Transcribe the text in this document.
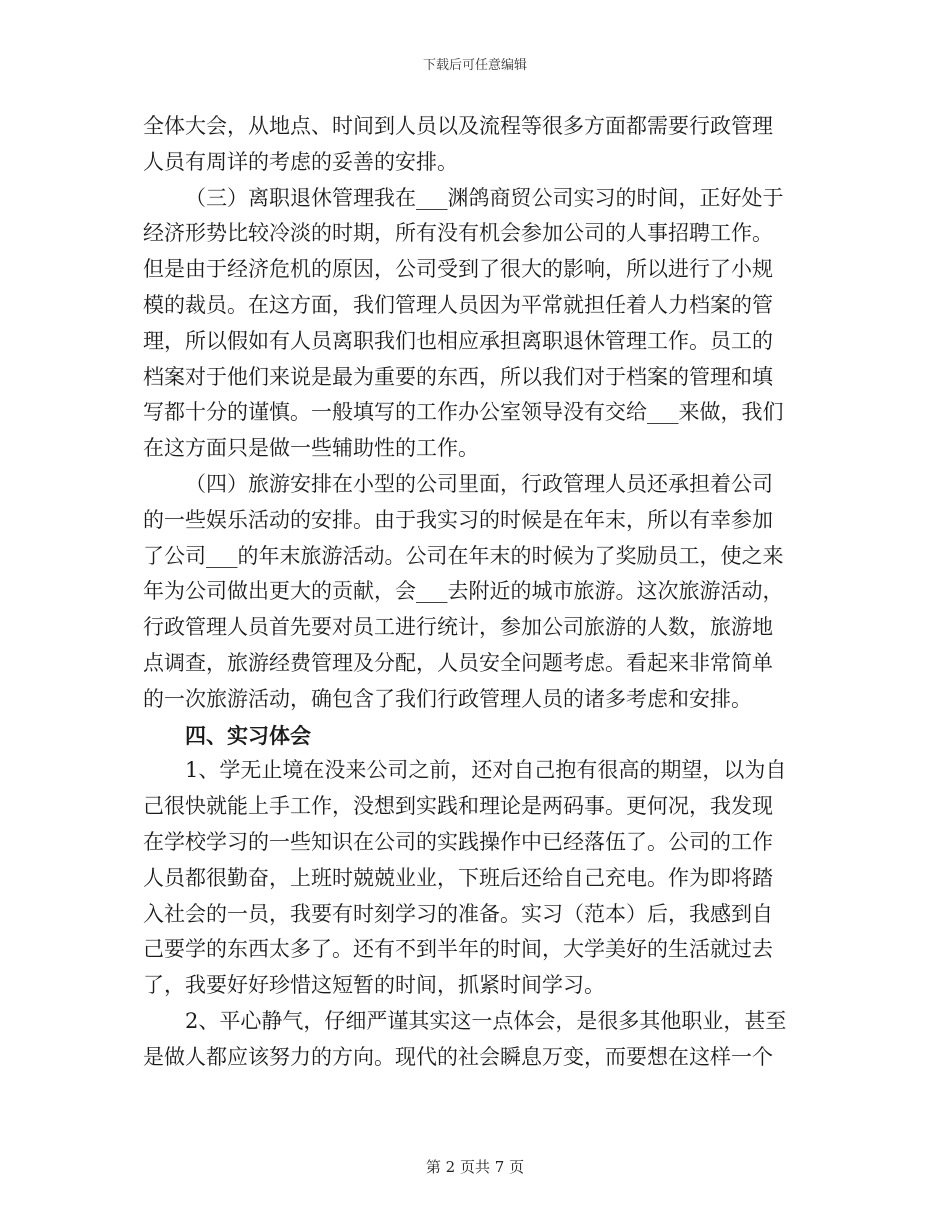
下载后可任意编辑
全体大会，从地点、时间到人员以及流程等很多方面都需要行政管理
人员有周详的考虑的妥善的安排。
（三）离职退休管理我在___渊鸽商贸公司实习的时间，正好处于
经济形势比较冷淡的时期，所有没有机会参加公司的人事招聘工作。
但是由于经济危机的原因，公司受到了很大的影响，所以进行了小规
模的裁员。在这方面，我们管理人员因为平常就担任着人力档案的管
理，所以假如有人员离职我们也相应承担离职退休管理工作。员工的
档案对于他们来说是最为重要的东西，所以我们对于档案的管理和填
写都十分的谨慎。一般填写的工作办公室领导没有交给___来做，我们
在这方面只是做一些辅助性的工作。
（四）旅游安排在小型的公司里面，行政管理人员还承担着公司
的一些娱乐活动的安排。由于我实习的时候是在年末，所以有幸参加
了公司___的年末旅游活动。公司在年末的时候为了奖励员工，使之来
年为公司做出更大的贡献，会___去附近的城市旅游。这次旅游活动，
行政管理人员首先要对员工进行统计，参加公司旅游的人数，旅游地
点调查，旅游经费管理及分配，人员安全问题考虑。看起来非常简单
的一次旅游活动，确包含了我们行政管理人员的诸多考虑和安排。
四、实习体会
1、学无止境在没来公司之前，还对自己抱有很高的期望，以为自
己很快就能上手工作，没想到实践和理论是两码事。更何况，我发现
在学校学习的一些知识在公司的实践操作中已经落伍了。公司的工作
人员都很勤奋，上班时兢兢业业，下班后还给自己充电。作为即将踏
入社会的一员，我要有时刻学习的准备。实习（范本）后，我感到自
己要学的东西太多了。还有不到半年的时间，大学美好的生活就过去
了，我要好好珍惜这短暂的时间，抓紧时间学习。
2、平心静气，仔细严谨其实这一点体会，是很多其他职业，甚至
是做人都应该努力的方向。现代的社会瞬息万变，而要想在这样一个
第 2 页共 7 页
